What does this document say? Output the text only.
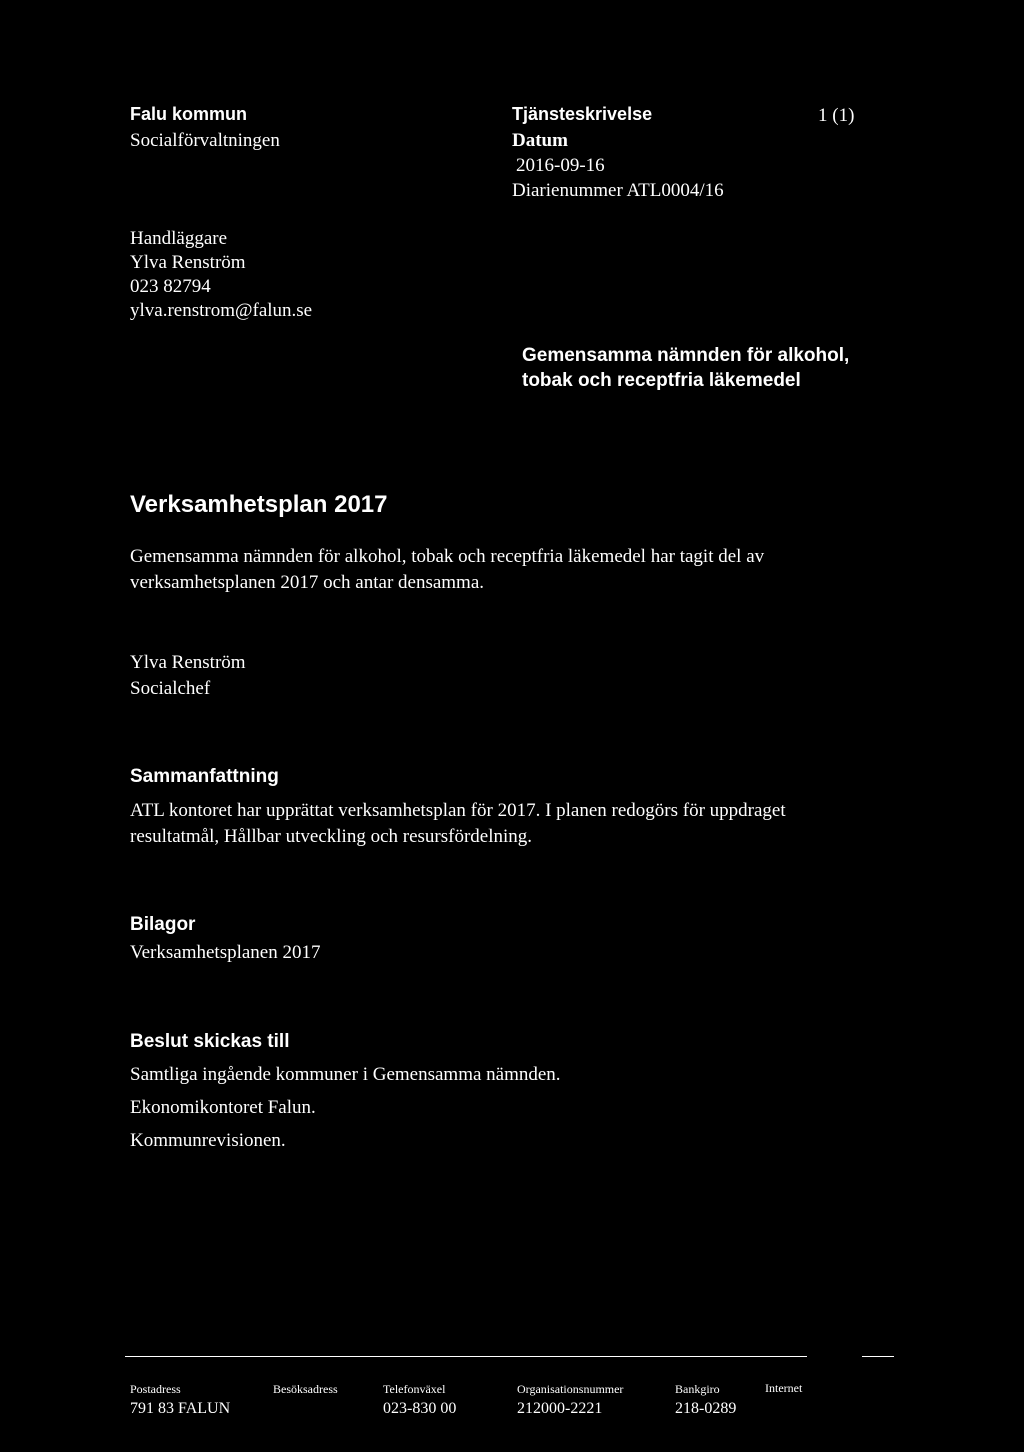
Falu kommun
Socialförvaltningen
Tjänsteskrivelse	1 (1)
Datum
2016-09-16
Diarienummer ATL0004/16
Handläggare
Ylva Renström
023 82794
ylva.renstrom@falun.se
Gemensamma nämnden för alkohol,
tobak och receptfria läkemedel
Verksamhetsplan 2017
Gemensamma nämnden för alkohol, tobak och receptfria läkemedel har tagit del av
verksamhetsplanen 2017 och antar densamma.
Ylva Renström
Socialchef
Sammanfattning
ATL kontoret har upprättat verksamhetsplan för 2017. I planen redogörs för uppdraget
resultatmål, Hållbar utveckling och resursfördelning.
Bilagor
Verksamhetsplanen 2017
Beslut skickas till
Samtliga ingående kommuner i Gemensamma nämnden.
Ekonomikontoret Falun.
Kommunrevisionen.
Postadress
791 83 FALUN
Besöksadress	Telefonväxel
023-830 00
Organisationsnummer
212000-2221
Bankgiro
218-0289
Internet
